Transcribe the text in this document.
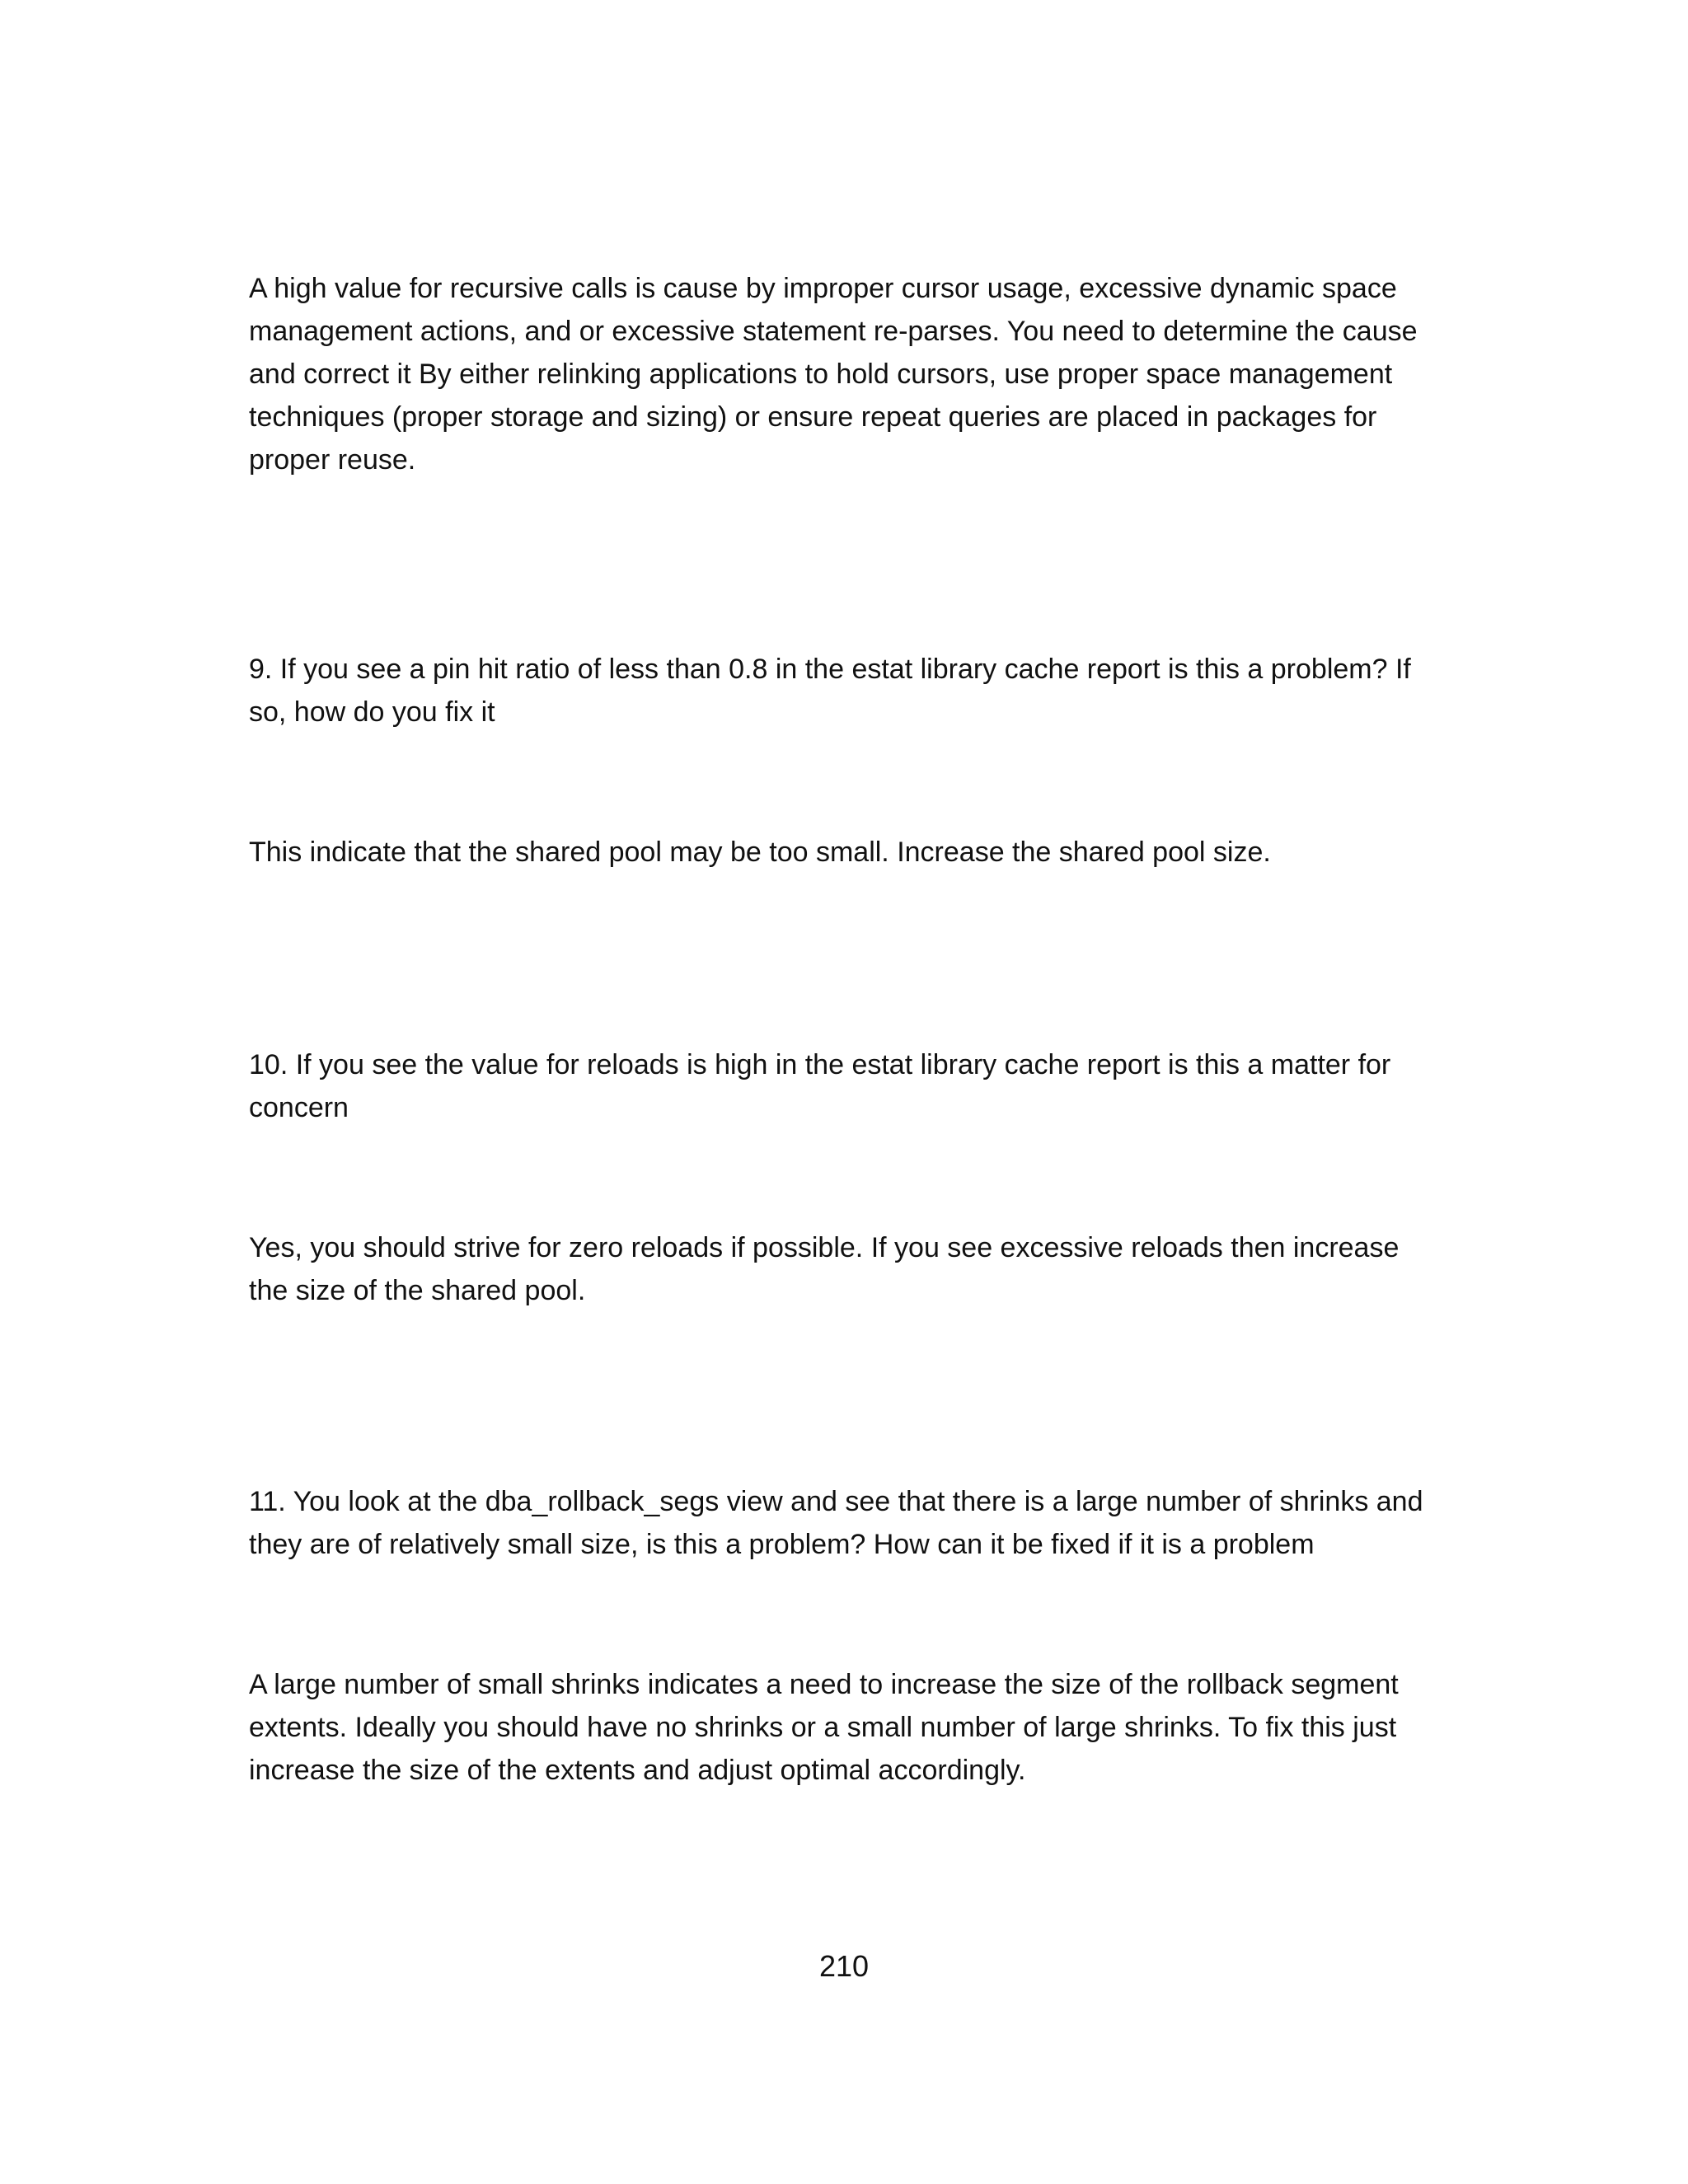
A high value for recursive calls is cause by improper cursor usage, excessive dynamic space management actions, and or excessive statement re-parses. You need to determine the cause and correct it By either relinking applications to hold cursors, use proper space management techniques (proper storage and sizing) or ensure repeat queries are placed in packages for proper reuse.

9. If you see a pin hit ratio of less than 0.8 in the estat library cache report is this a problem? If so, how do you fix it

This indicate that the shared pool may be too small. Increase the shared pool size.

10. If you see the value for reloads is high in the estat library cache report is this a matter for concern

Yes, you should strive for zero reloads if possible. If you see excessive reloads then increase the size of the shared pool.

11. You look at the dba_rollback_segs view and see that there is a large number of shrinks and they are of relatively small size, is this a problem? How can it be fixed if it is a problem

A large number of small shrinks indicates a need to increase the size of the rollback segment extents. Ideally you should have no shrinks or a small number of large shrinks. To fix this just increase the size of the extents and adjust optimal accordingly.

210
